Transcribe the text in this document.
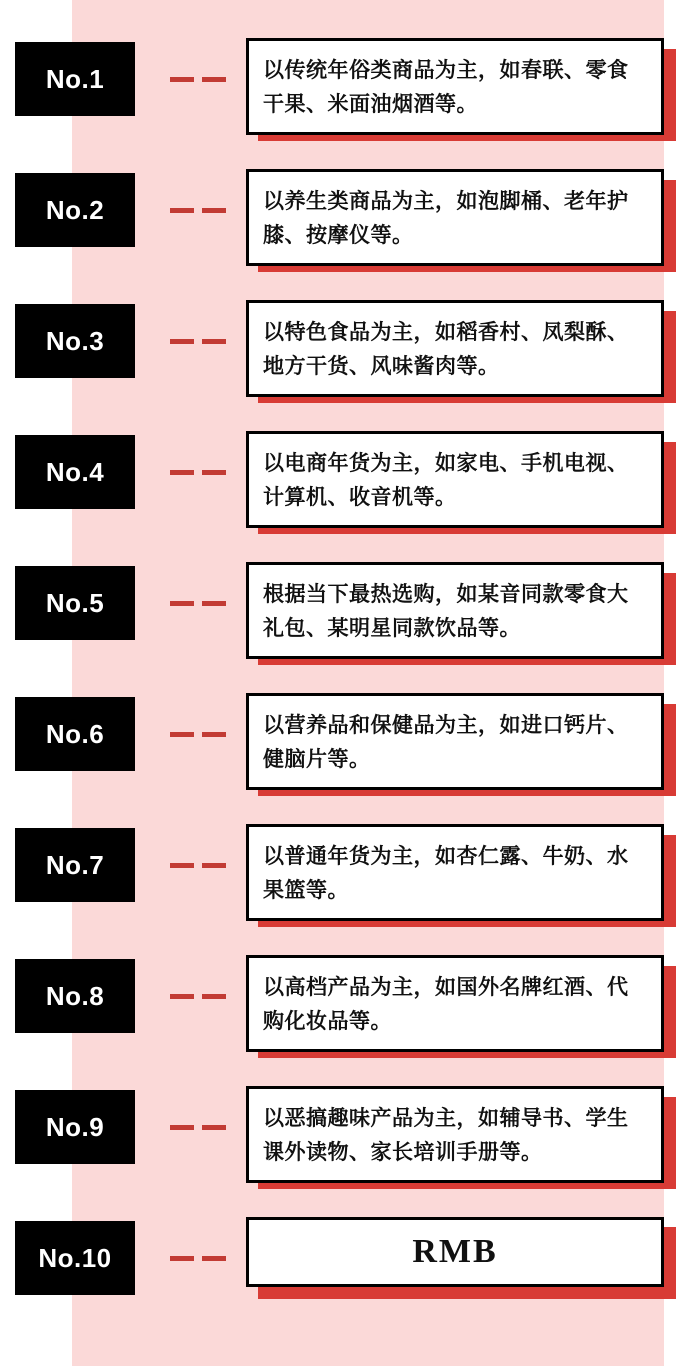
No.1	以传统年俗类商品为主，如春联、零食干果、米面油烟酒等。

No.2	以养生类商品为主，如泡脚桶、老年护膝、按摩仪等。

No.3	以特色食品为主，如稻香村、凤梨酥、地方干货、风味酱肉等。

No.4	以电商年货为主，如家电、手机电视、计算机、收音机等。

No.5	根据当下最热选购，如某音同款零食大礼包、某明星同款饮品等。

No.6	以营养品和保健品为主，如进口钙片、健脑片等。

No.7	以普通年货为主，如杏仁露、牛奶、水果篮等。

No.8	以高档产品为主，如国外名牌红酒、代购化妆品等。

No.9	以恶搞趣味产品为主，如辅导书、学生课外读物、家长培训手册等。

No.10	RMB
